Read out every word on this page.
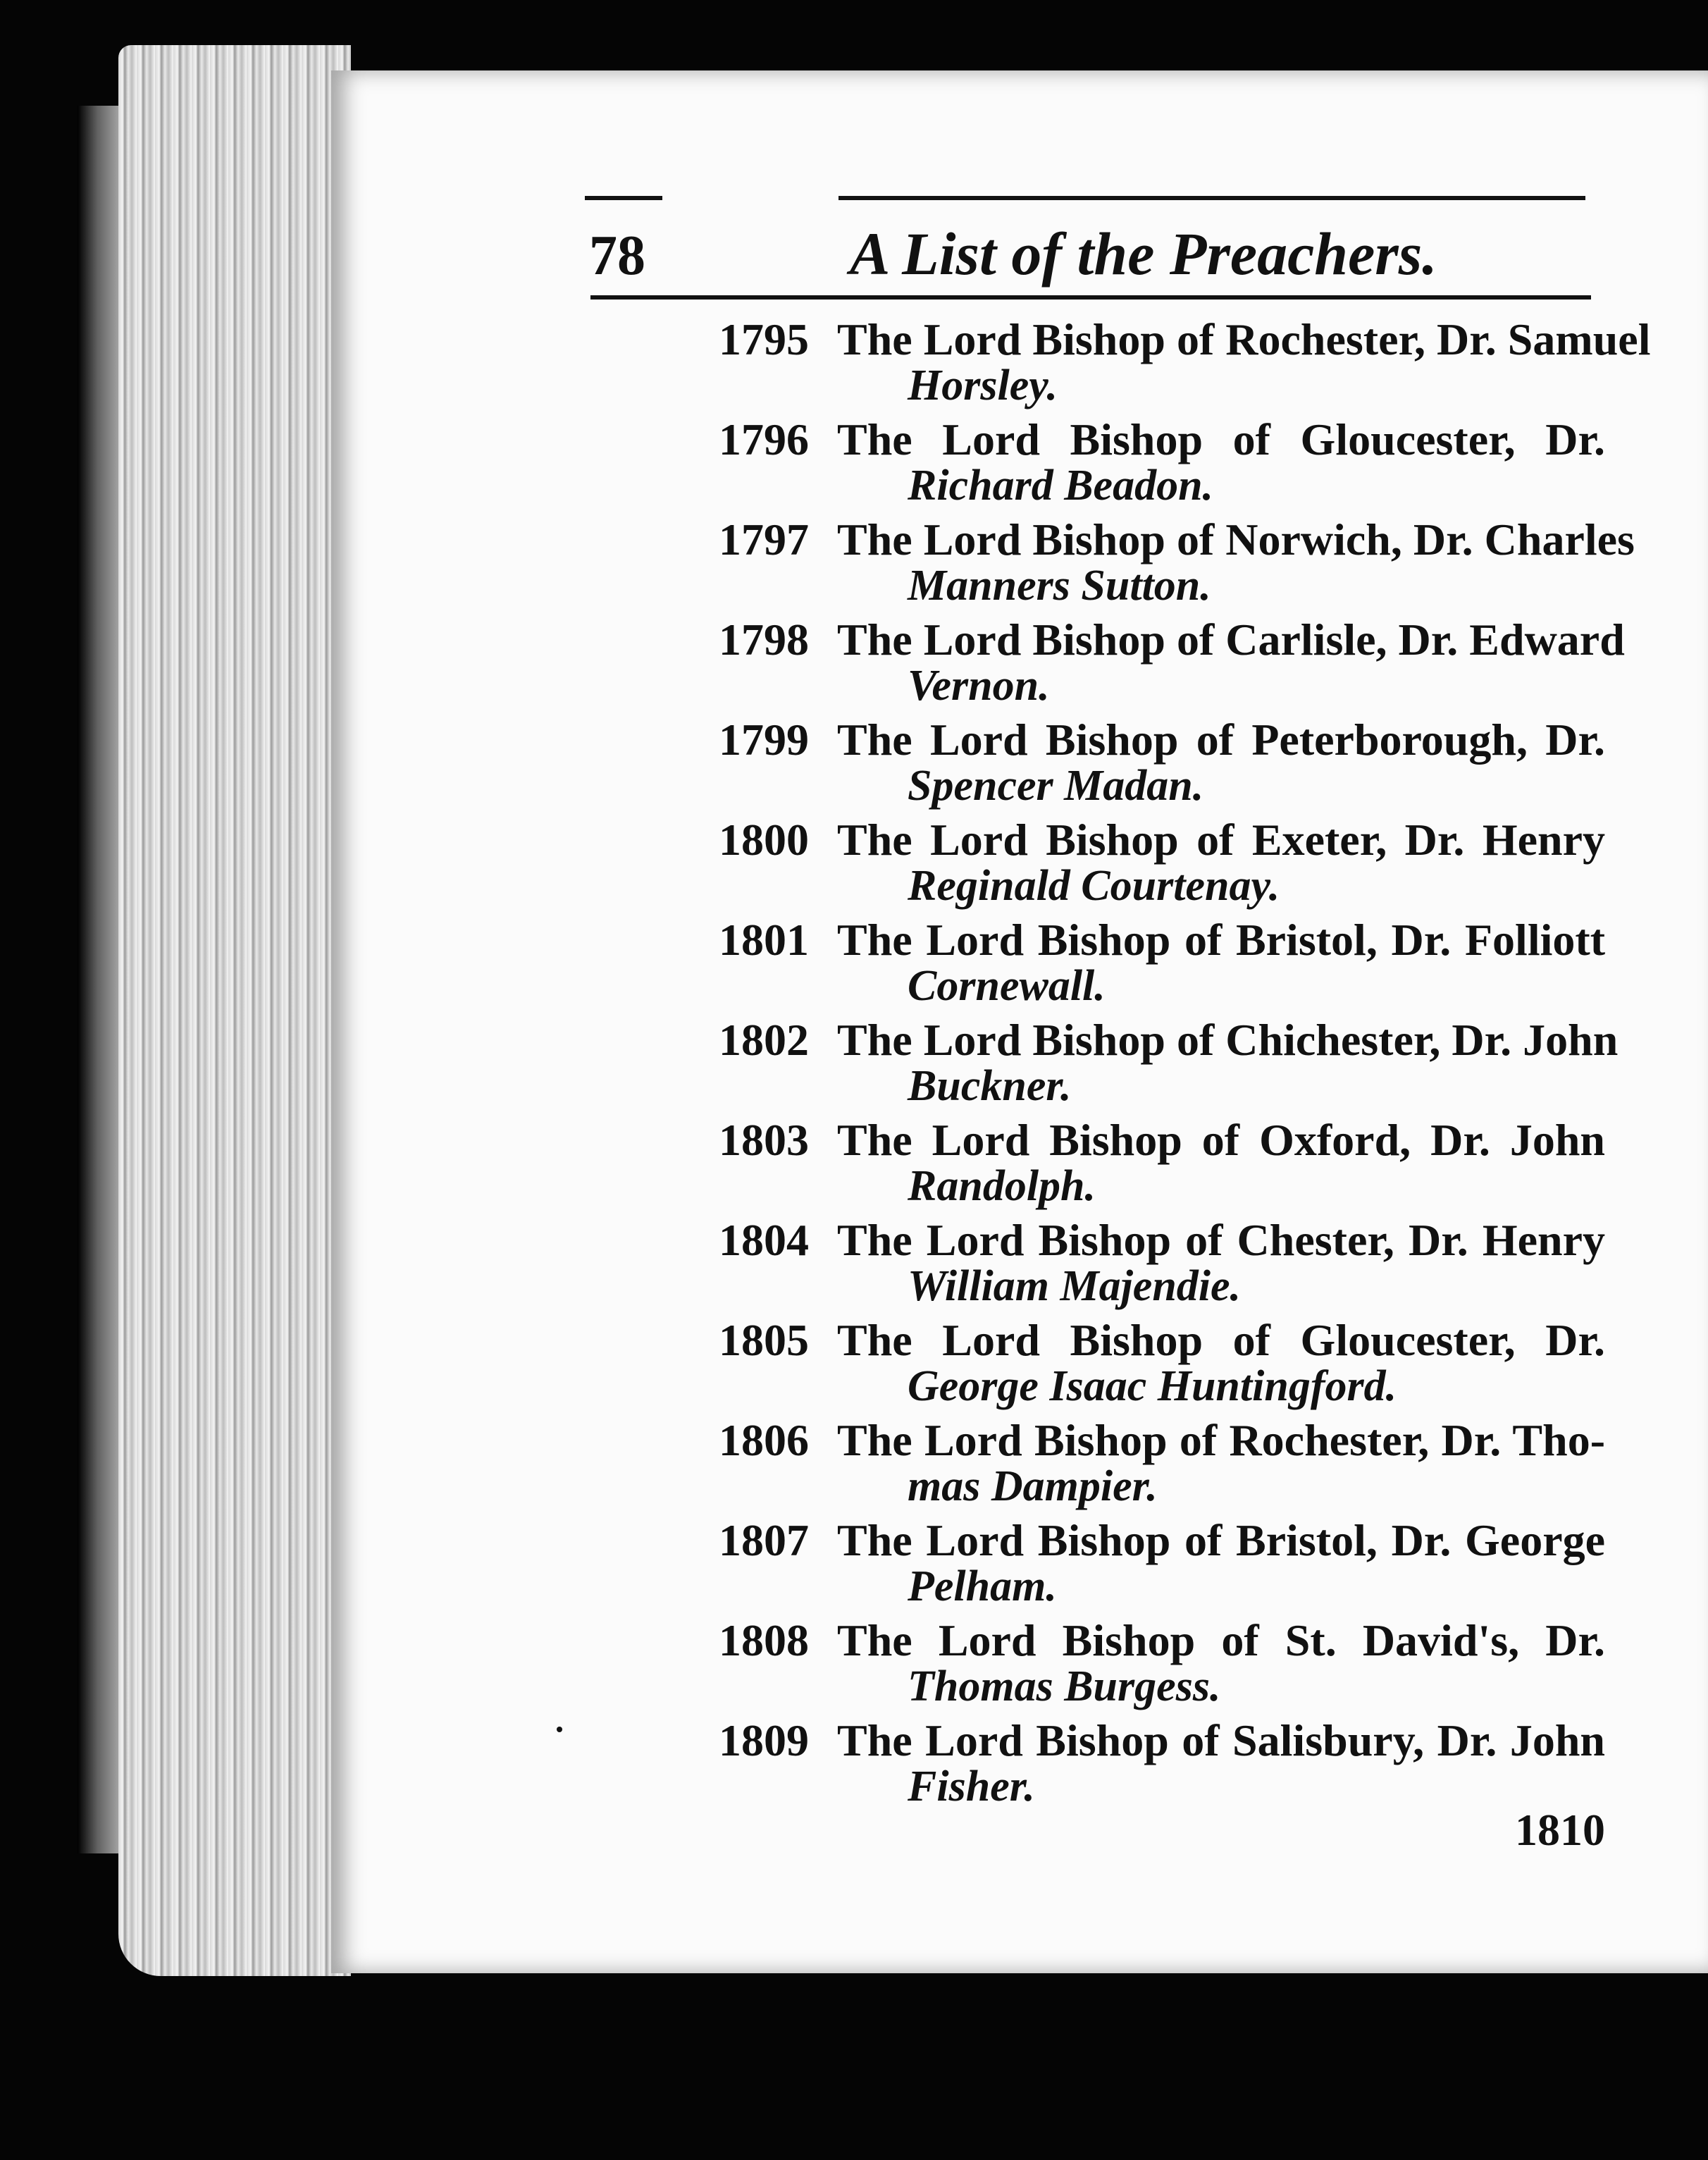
78	A List of the Preachers.
1795 The Lord Bishop of Rochester, Dr. Samuel
Horsley.
1796 The Lord Bishop of Gloucester, Dr.
Richard Beadon.
1797 The Lord Bishop of Norwich, Dr. Charles
Manners Sutton.
1798 The Lord Bishop of Carlisle, Dr. Edward
Vernon.
1799 The Lord Bishop of Peterborough, Dr.
Spencer Madan.
1800 The Lord Bishop of Exeter, Dr. Henry
Reginald Courtenay.
1801 The Lord Bishop of Bristol, Dr. Folliott
Cornewall.
1802 The Lord Bishop of Chichester, Dr. John
Buckner.
1803 The Lord Bishop of Oxford, Dr. John
Randolph.
1804 The Lord Bishop of Chester, Dr. Henry
William Majendie.
1805 The Lord Bishop of Gloucester, Dr.
George Isaac Huntingford.
1806 The Lord Bishop of Rochester, Dr. Tho-
mas Dampier.
1807 The Lord Bishop of Bristol, Dr. George
Pelham.
1808 The Lord Bishop of St. David's, Dr.
Thomas Burgess.
1809 The Lord Bishop of Salisbury, Dr. John
Fisher.
1810
